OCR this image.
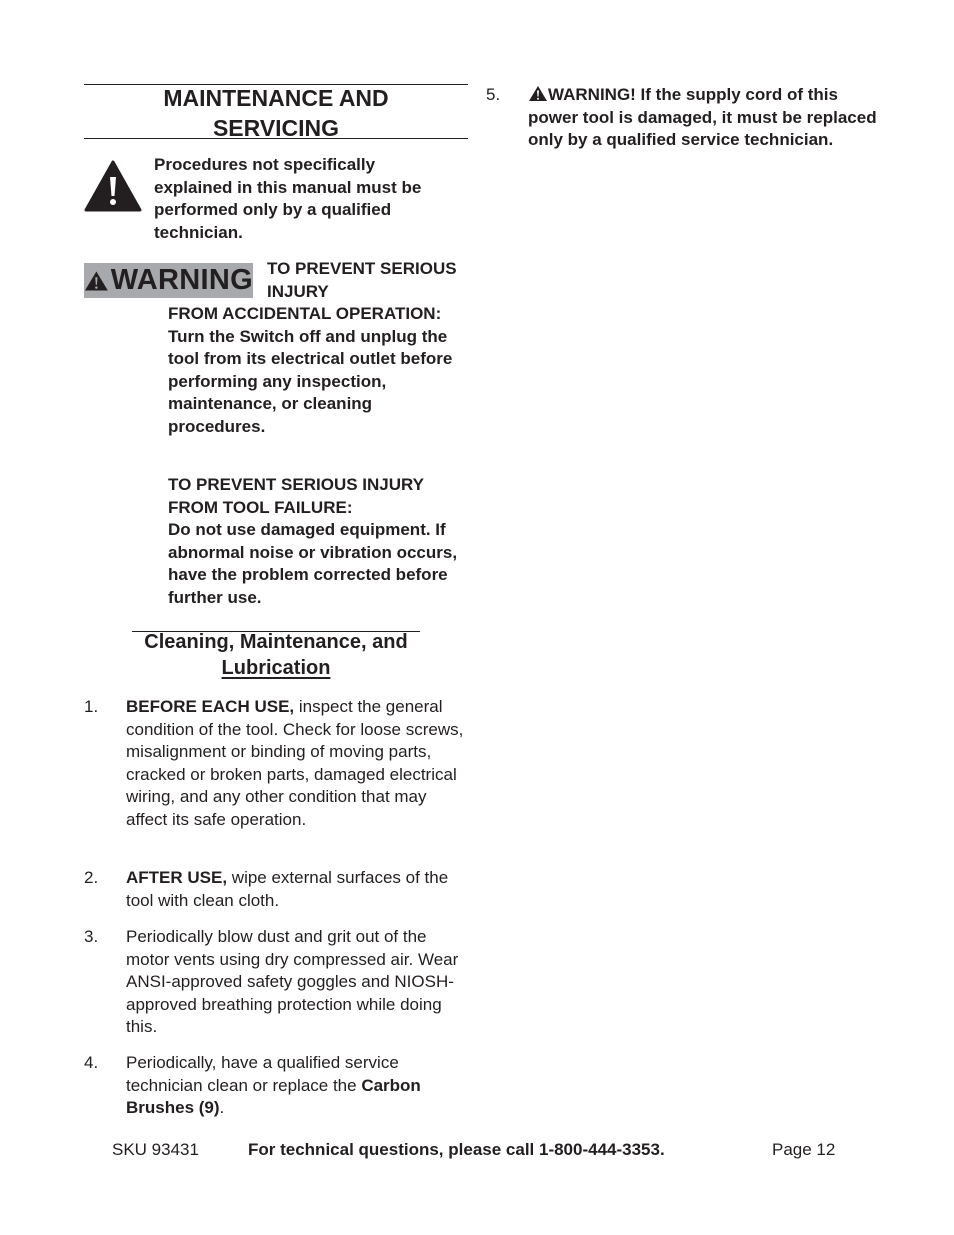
MAINTENANCE AND
SERVICING
Procedures not specifically explained in this manual must be performed only by a qualified technician.
WARNING TO PREVENT SERIOUS INJURY
FROM ACCIDENTAL OPERATION:
Turn the Switch off and unplug the tool from its electrical outlet before performing any inspection, maintenance, or cleaning procedures.
TO PREVENT SERIOUS INJURY FROM TOOL FAILURE:
Do not use damaged equipment. If abnormal noise or vibration occurs, have the problem corrected before further use.
Cleaning, Maintenance, and
Lubrication
1. BEFORE EACH USE, inspect the general condition of the tool. Check for loose screws, misalignment or binding of moving parts, cracked or broken parts, damaged electrical wiring, and any other condition that may affect its safe operation.
2. AFTER USE, wipe external surfaces of the tool with clean cloth.
3. Periodically blow dust and grit out of the motor vents using dry compressed air. Wear ANSI-approved safety goggles and NIOSH-approved breathing protection while doing this.
4. Periodically, have a qualified service technician clean or replace the Carbon Brushes (9).
5.	WARNING! If the supply cord of this power tool is damaged, it must be replaced only by a qualified service technician.
SKU 93431	For technical questions, please call 1-800-444-3353.	Page 12
